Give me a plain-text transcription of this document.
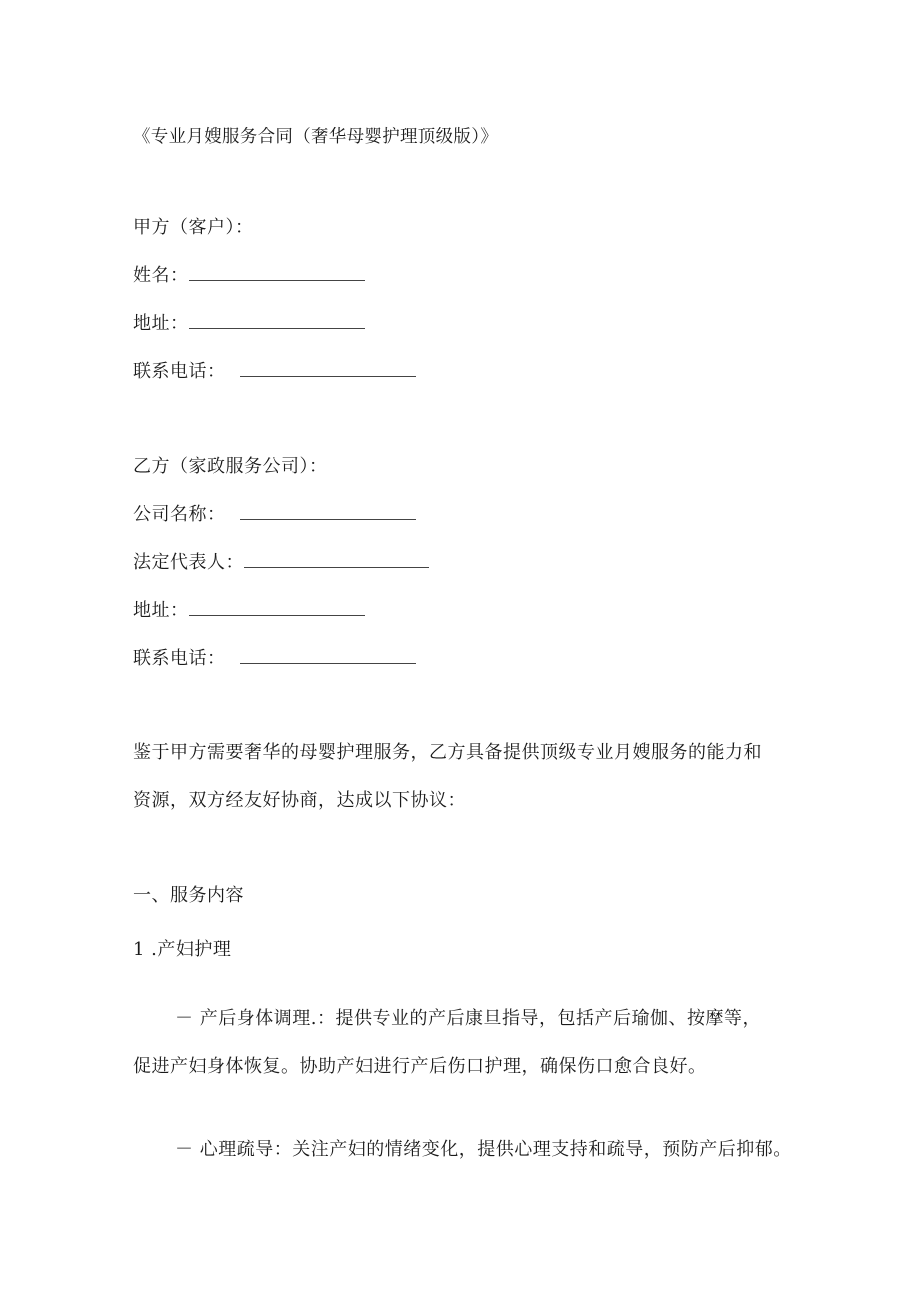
《专业月嫂服务合同（奢华母婴护理顶级版）》
甲方（客户）：
姓名：
地址：
联系电话：
乙方（家政服务公司）：
公司名称：
法定代表人：
地址：
联系电话：
鉴于甲方需要奢华的母婴护理服务，乙方具备提供顶级专业月嫂服务的能力和
资源，双方经友好协商，达成以下协议：
一、服务内容
1 .产妇护理
－ 产后身体调理.：提供专业的产后康旦指导，包括产后瑜伽、按摩等，
促进产妇身体恢复。协助产妇进行产后伤口护理，确保伤口愈合良好。
－ 心理疏导：关注产妇的情绪变化，提供心理支持和疏导，预防产后抑郁。
